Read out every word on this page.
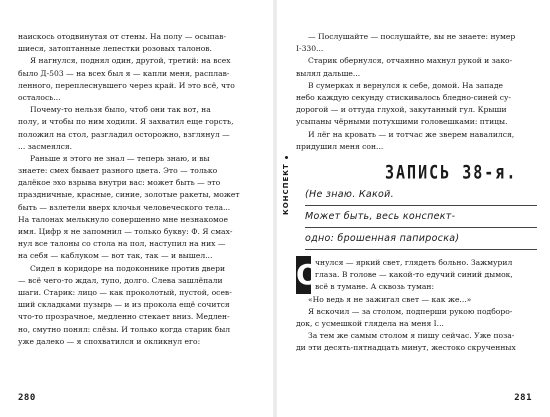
наискось отодвинутая от стены. На полу — осыпав-
шиеся, затоптанные лепестки розовых талонов.
Я нагнулся, поднял один, другой, третий: на всех
было Д-503 — на всех был я — капли меня, расплав-
ленного, переплеснувшего через край. И это всё, что
осталось...
Почему-то нельзя было, чтоб они так вот, на
полу, и чтобы по ним ходили. Я захватил еще горсть,
положил на стол, разгладил осторожно, взглянул —
... засмеялся.
Раньше я этого не знал — теперь знаю, и вы
знаете: смех бывает разного цвета. Это — только
далёкое эхо взрыва внутри вас: может быть — это
праздничные, красные, синие, золотые ракеты, может
быть — взлетели вверх клочья человеческого тела...
На талонах мелькнуло совершенно мне незнакомое
имя. Цифр я не запомнил — только букву: Ф. Я смах-
нул все талоны со стола на пол, наступил на них —
на себя — каблуком — вот так, так — и вышел...
Сидел в коридоре на подоконнике против двери
— всё чего-то ждал, тупо, долго. Слева зашлёпали
шаги. Старик: лицо — как проколотый, пустой, осев-
ший складками пузырь — и из прокола ещё сочится
что-то прозрачное, медленно стекает вниз. Медлен-
но, смутно понял: слёзы. И только когда старик был
уже далеко — я спохватился и окликнул его:
280
— Послушайте — послушайте, вы не знаете: нумер
I-330...
Старик обернулся, отчаянно махнул рукой и зако-
вылял дальше...
В сумерках я вернулся к себе, домой. На западе
небо каждую секунду стискивалось бледно-синей су-
дорогой — и оттуда глухой, закутанный гул. Крыши
усыпаны чёрными потухшими головешками: птицы.
И лёг на кровать — и тотчас же зверем навалился,
придушил меня сон...
ЗАПИСЬ 38-я.
КОНСПЕКТ (Не знаю. Какой.
Может быть, весь конспект-
одно: брошенная папироска)
О
чнулся — яркий свет, глядеть больно. Зажмурил
глаза. В голове — какой-то едучий синий дымок,
всё в тумане. А сквозь туман:
«Но ведь я не зажигал свет — как же...»
Я вскочил — за столом, подперши рукою подборо-
док, с усмешкой глядела на меня I...
За тем же самым столом я пишу сейчас. Уже поза-
ди эти десять-пятнадцать минут, жестоко скрученных
281
